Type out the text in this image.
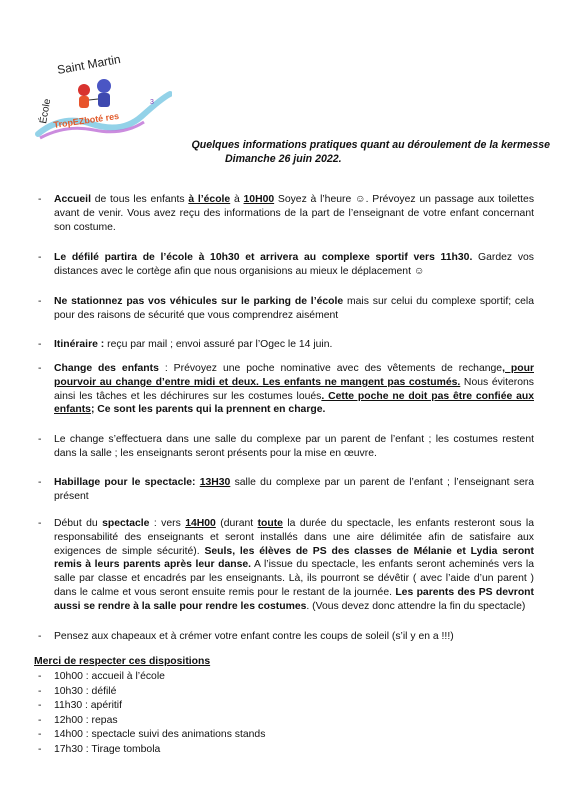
Saint Martin
École TropEZboté res
3
Quelques informations pratiques quant au déroulement de la kermesse
Dimanche 26 juin 2022.
- Accueil de tous les enfants à l’école à 10H00 Soyez à l’heure ☺. Prévoyez un passage aux toilettes avant de venir. Vous avez reçu des informations de la part de l’enseignant de votre enfant concernant son costume.
- Le défilé partira de l’école à 10h30 et arrivera au complexe sportif vers 11h30. Gardez vos distances avec le cortège afin que nous organisions au mieux le déplacement ☺
- Ne stationnez pas vos véhicules sur le parking de l’école mais sur celui du complexe sportif; cela pour des raisons de sécurité que vous comprendrez aisément
- Itinéraire : reçu par mail ; envoi assuré par l’Ogec le 14 juin.
- Change des enfants : Prévoyez une poche nominative avec des vêtements de rechange, pour pourvoir au change d’entre midi et deux. Les enfants ne mangent pas costumés. Nous éviterons ainsi les tâches et les déchirures sur les costumes loués. Cette poche ne doit pas être confiée aux enfants; Ce sont les parents qui la prennent en charge.
- Le change s’effectuera dans une salle du complexe par un parent de l’enfant ; les costumes restent dans la salle ; les enseignants seront présents pour la mise en œuvre.
- Habillage pour le spectacle: 13H30 salle du complexe par un parent de l’enfant ; l’enseignant sera présent
- Début du spectacle : vers 14H00 (durant toute la durée du spectacle, les enfants resteront sous la responsabilité des enseignants et seront installés dans une aire délimitée afin de satisfaire aux exigences de simple sécurité). Seuls, les élèves de PS des classes de Mélanie et Lydia seront remis à leurs parents après leur danse. A l’issue du spectacle, les enfants seront acheminés vers la salle par classe et encadrés par les enseignants. Là, ils pourront se dévêtir ( avec l’aide d’un parent ) dans le calme et vous seront ensuite remis pour le restant de la journée. Les parents des PS devront aussi se rendre à la salle pour rendre les costumes. (Vous devez donc attendre la fin du spectacle)
- Pensez aux chapeaux et à crémer votre enfant contre les coups de soleil (s’il y en a !!!)
Merci de respecter ces dispositions
- 10h00 : accueil à l’école
- 10h30 : défilé
- 11h30 : apéritif
- 12h00 : repas
- 14h00 : spectacle suivi des animations stands
- 17h30 : Tirage tombola
